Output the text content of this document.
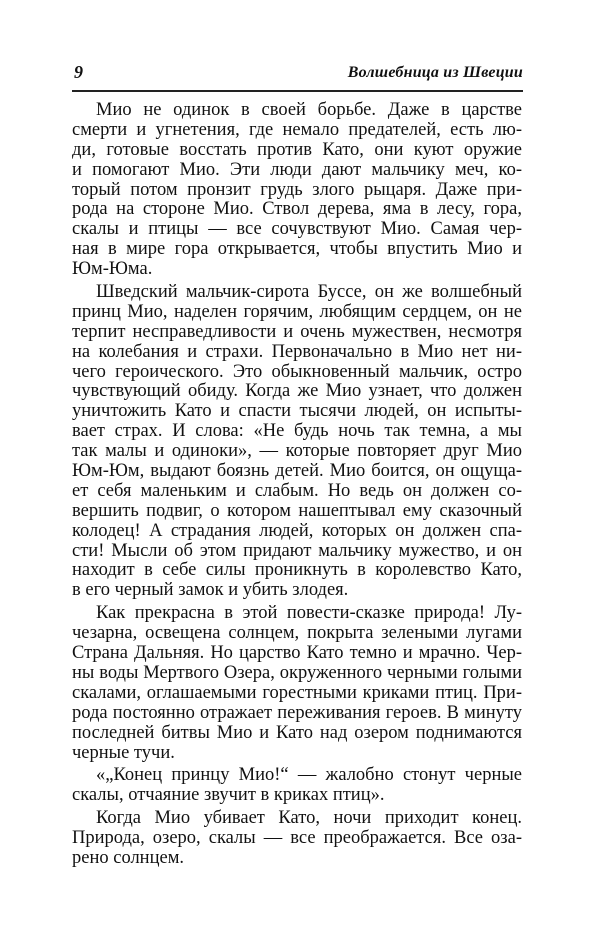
9	Волшебница из Швеции
Мио не одинок в своей борьбе. Даже в царстве
смерти и угнетения, где немало предателей, есть лю-
ди, готовые восстать против Като, они куют оружие
и помогают Мио. Эти люди дают мальчику меч, ко-
торый потом пронзит грудь злого рыцаря. Даже при-
рода на стороне Мио. Ствол дерева, яма в лесу, гора,
скалы и птицы — все сочувствуют Мио. Самая чер-
ная в мире гора открывается, чтобы впустить Мио и
Юм-Юма.
Шведский мальчик-сирота Буссе, он же волшебный
принц Мио, наделен горячим, любящим сердцем, он не
терпит несправедливости и очень мужествен, несмотря
на колебания и страхи. Первоначально в Мио нет ни-
чего героического. Это обыкновенный мальчик, остро
чувствующий обиду. Когда же Мио узнает, что должен
уничтожить Като и спасти тысячи людей, он испыты-
вает страх. И слова: «Не будь ночь так темна, а мы
так малы и одиноки», — которые повторяет друг Мио
Юм-Юм, выдают боязнь детей. Мио боится, он ощуща-
ет себя маленьким и слабым. Но ведь он должен со-
вершить подвиг, о котором нашептывал ему сказочный
колодец! А страдания людей, которых он должен спа-
сти! Мысли об этом придают мальчику мужество, и он
находит в себе силы проникнуть в королевство Като,
в его черный замок и убить злодея.
Как прекрасна в этой повести-сказке природа! Лу-
чезарна, освещена солнцем, покрыта зелеными лугами
Страна Дальняя. Но царство Като темно и мрачно. Чер-
ны воды Мертвого Озера, окруженного черными голыми
скалами, оглашаемыми горестными криками птиц. При-
рода постоянно отражает переживания героев. В минуту
последней битвы Мио и Като над озером поднимаются
черные тучи.
«„Конец принцу Мио!“ — жалобно стонут черные
скалы, отчаяние звучит в криках птиц».
Когда Мио убивает Като, ночи приходит конец.
Природа, озеро, скалы — все преображается. Все оза-
рено солнцем.
